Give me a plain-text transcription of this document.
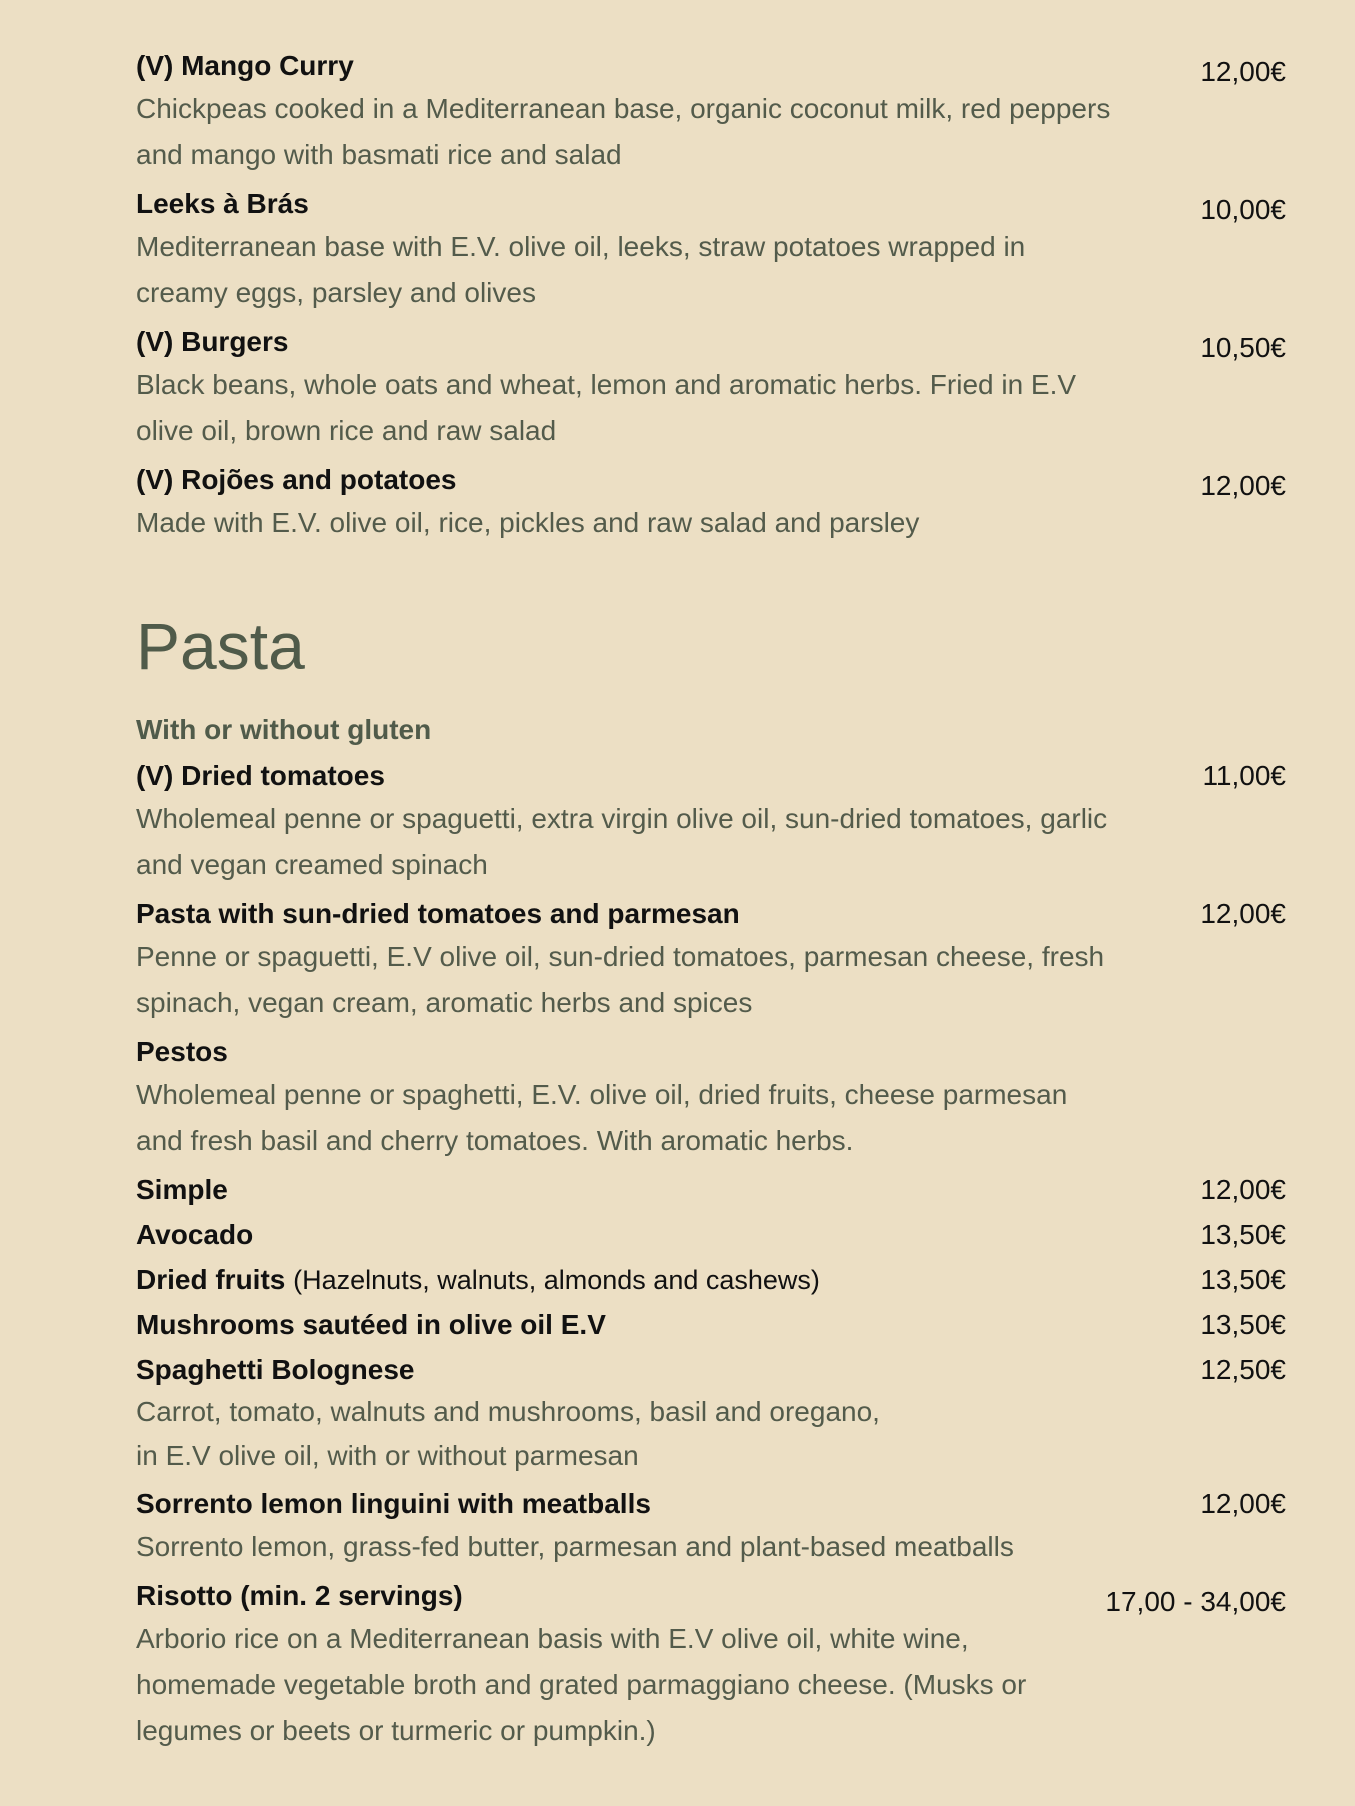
(V) Mango Curry	12,00€
Chickpeas cooked in a Mediterranean base, organic coconut milk, red peppers and mango with basmati rice and salad
Leeks à Brás	10,00€
Mediterranean base with E.V. olive oil, leeks, straw potatoes wrapped in creamy eggs, parsley and olives
(V) Burgers	10,50€
Black beans, whole oats and wheat, lemon and aromatic herbs. Fried in E.V olive oil, brown rice and raw salad
(V) Rojões and potatoes	12,00€
Made with E.V. olive oil, rice, pickles and raw salad and parsley
Pasta
With or without gluten
(V) Dried tomatoes	11,00€
Wholemeal penne or spaguetti, extra virgin olive oil, sun-dried tomatoes, garlic and vegan creamed spinach
Pasta with sun-dried tomatoes and parmesan	12,00€
Penne or spaguetti, E.V olive oil, sun-dried tomatoes, parmesan cheese, fresh spinach, vegan cream, aromatic herbs and spices
Pestos
Wholemeal penne or spaghetti, E.V. olive oil, dried fruits, cheese parmesan and fresh basil and cherry tomatoes. With aromatic herbs.
Simple	12,00€
Avocado	13,50€
Dried fruits (Hazelnuts, walnuts, almonds and cashews)	13,50€
Mushrooms sautéed in olive oil E.V	13,50€
Spaghetti Bolognese	12,50€
Carrot, tomato, walnuts and mushrooms, basil and oregano,
in E.V olive oil, with or without parmesan
Sorrento lemon linguini with meatballs	12,00€
Sorrento lemon, grass-fed butter, parmesan and plant-based meatballs
Risotto (min. 2 servings)	17,00 - 34,00€
Arborio rice on a Mediterranean basis with E.V olive oil, white wine, homemade vegetable broth and grated parmaggiano cheese. (Musks or legumes or beets or turmeric or pumpkin.)
